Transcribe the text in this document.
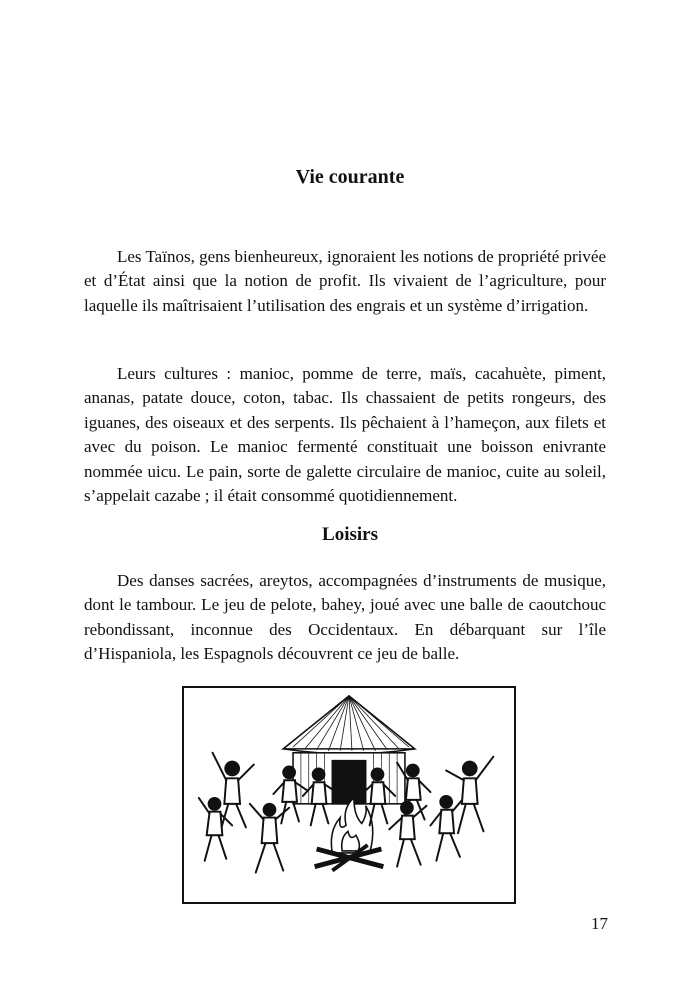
Vie courante

Les Taïnos, gens bienheureux, ignoraient les notions de propriété privée et d’État ainsi que la notion de profit. Ils vivaient de l’agriculture, pour laquelle ils maîtrisaient l’utilisation des engrais et un système d’irrigation.

Leurs cultures : manioc, pomme de terre, maïs, cacahuète, piment, ananas, patate douce, coton, tabac. Ils chassaient de petits rongeurs, des iguanes, des oiseaux et des serpents. Ils pêchaient à l’hameçon, aux filets et avec du poison. Le manioc fermenté constituait une boisson enivrante nommée uicu. Le pain, sorte de galette circulaire de manioc, cuite au soleil, s’appelait cazabe ; il était consommé quotidiennement.

Loisirs

Des danses sacrées, areytos, accompagnées d’instruments de musique, dont le tambour. Le jeu de pelote, bahey, joué avec une balle de caoutchouc rebondissant, inconnue des Occidentaux. En débarquant sur l’île d’Hispaniola, les Espagnols découvrent ce jeu de balle.

17
